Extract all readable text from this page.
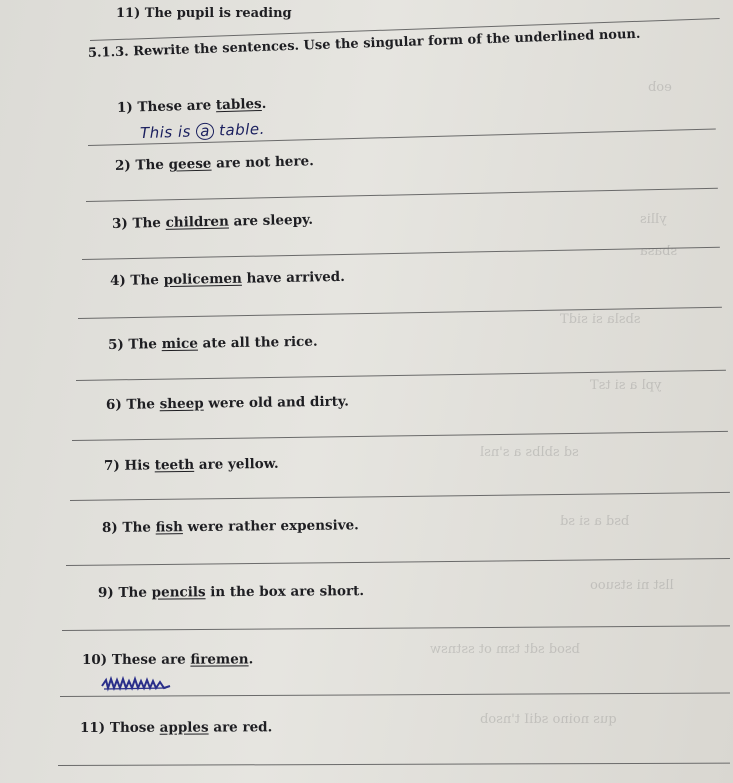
eob
yllis
sbasa
sbsla si sidT
ypl a si tsT
sd sblbs a s'nsl
bsd a si sd
llst ni stsuoo
bsod sdt tsm ot sstnsw
qus noino sdiI t'nsob
11) The pupil is reading
5.1.3. Rewrite the sentences. Use the singular form of the underlined noun.
1) These are tables.
This is a table.
2) The geese are not here.
3) The children are sleepy.
4) The policemen have arrived.
5) The mice ate all the rice.
6) The sheep were old and dirty.
7) His teeth are yellow.
8) The fish were rather expensive.
9) The pencils in the box are short.
10) These are firemen.
11) Those apples are red.
